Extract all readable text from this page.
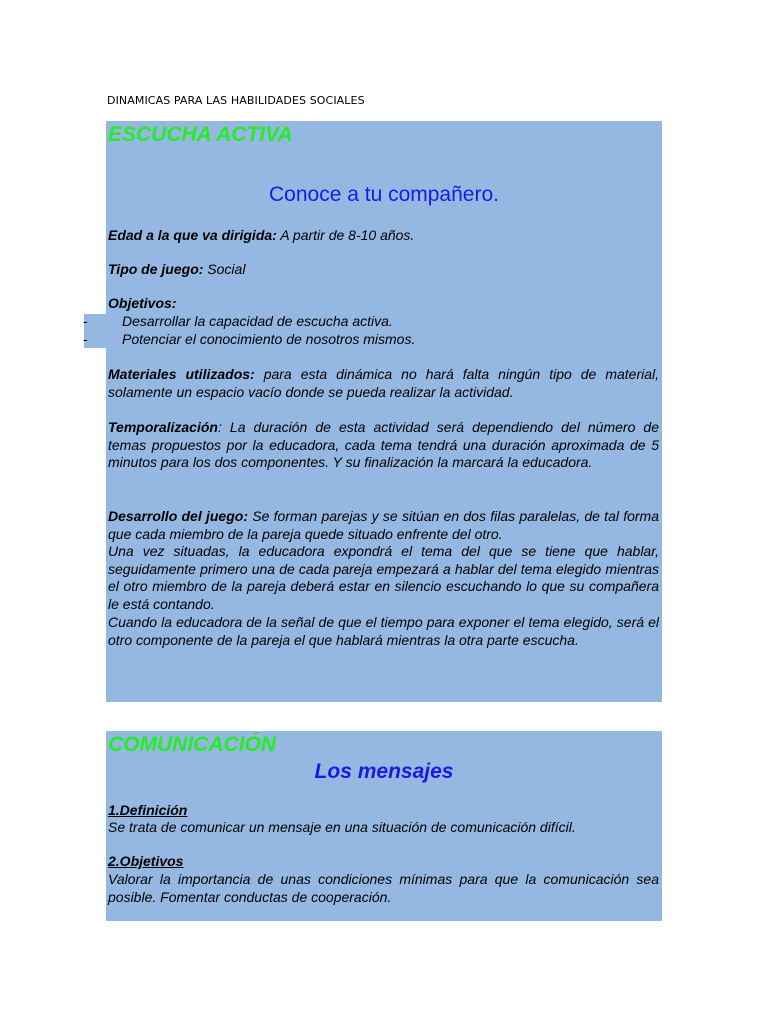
DINAMICAS PARA LAS HABILIDADES SOCIALES
ESCUCHA ACTIVA
Conoce a tu compañero.

Edad a la que va dirigida: A partir de 8-10 años.

Tipo de juego: Social

Objetivos:

- Desarrollar la capacidad de escucha activa.
- Potenciar el conocimiento de nosotros mismos.

Materiales utilizados: para esta dinámica no hará falta ningún tipo de material, solamente un espacio vacío donde se pueda realizar la actividad.

Temporalización: La duración de esta actividad será dependiendo del número de temas propuestos por la educadora, cada tema tendrá una duración aproximada de 5 minutos para los dos componentes. Y su finalización la marcará la educadora.

Desarrollo del juego: Se forman parejas y se sitúan en dos filas paralelas, de tal forma que cada miembro de la pareja quede situado enfrente del otro.

Una vez situadas, la educadora expondrá el tema del que se tiene que hablar, seguidamente primero una de cada pareja empezará a hablar del tema elegido mientras el otro miembro de la pareja deberá estar en silencio escuchando lo que su compañera le está contando.

Cuando la educadora de la señal de que el tiempo para exponer el tema elegido, será el otro componente de la pareja el que hablará mientras la otra parte escucha.

COMUNICACIÓN
Los mensajes

1.Definición

Se trata de comunicar un mensaje en una situación de comunicación difícil.

2.Objetivos

Valorar la importancia de unas condiciones mínimas para que la comunicación sea posible. Fomentar conductas de cooperación.
